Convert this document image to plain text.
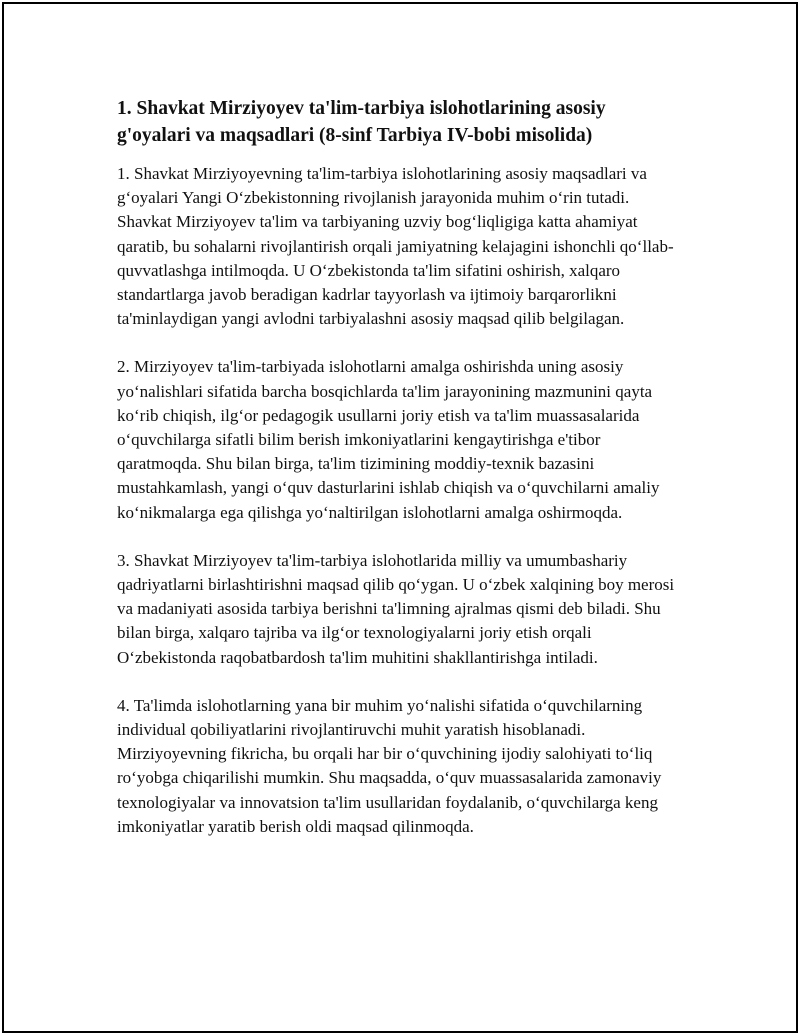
1. Shavkat Mirziyoyev ta'lim-tarbiya islohotlarining asosiy g'oyalari va maqsadlari (8-sinf Tarbiya IV-bobi misolida)

1. Shavkat Mirziyoyevning ta'lim-tarbiya islohotlarining asosiy maqsadlari va g‘oyalari Yangi O‘zbekistonning rivojlanish jarayonida muhim o‘rin tutadi. Shavkat Mirziyoyev ta'lim va tarbiyaning uzviy bog‘liqligiga katta ahamiyat qaratib, bu sohalarni rivojlantirish orqali jamiyatning kelajagini ishonchli qo‘llab-quvvatlashga intilmoqda. U O‘zbekistonda ta'lim sifatini oshirish, xalqaro standartlarga javob beradigan kadrlar tayyorlash va ijtimoiy barqarorlikni ta'minlaydigan yangi avlodni tarbiyalashni asosiy maqsad qilib belgilagan.

2. Mirziyoyev ta'lim-tarbiyada islohotlarni amalga oshirishda uning asosiy yo‘nalishlari sifatida barcha bosqichlarda ta'lim jarayonining mazmunini qayta ko‘rib chiqish, ilg‘or pedagogik usullarni joriy etish va ta'lim muassasalarida o‘quvchilarga sifatli bilim berish imkoniyatlarini kengaytirishga e'tibor qaratmoqda. Shu bilan birga, ta'lim tizimining moddiy-texnik bazasini mustahkamlash, yangi o‘quv dasturlarini ishlab chiqish va o‘quvchilarni amaliy ko‘nikmalarga ega qilishga yo‘naltirilgan islohotlarni amalga oshirmoqda.

3. Shavkat Mirziyoyev ta'lim-tarbiya islohotlarida milliy va umumbashariy qadriyatlarni birlashtirishni maqsad qilib qo‘ygan. U o‘zbek xalqining boy merosi va madaniyati asosida tarbiya berishni ta'limning ajralmas qismi deb biladi. Shu bilan birga, xalqaro tajriba va ilg‘or texnologiyalarni joriy etish orqali O‘zbekistonda raqobatbardosh ta'lim muhitini shakllantirishga intiladi.

4. Ta'limda islohotlarning yana bir muhim yo‘nalishi sifatida o‘quvchilarning individual qobiliyatlarini rivojlantiruvchi muhit yaratish hisoblanadi. Mirziyoyevning fikricha, bu orqali har bir o‘quvchining ijodiy salohiyati to‘liq ro‘yobga chiqarilishi mumkin. Shu maqsadda, o‘quv muassasalarida zamonaviy texnologiyalar va innovatsion ta'lim usullaridan foydalanib, o‘quvchilarga keng imkoniyatlar yaratib berish oldi maqsad qilinmoqda.
